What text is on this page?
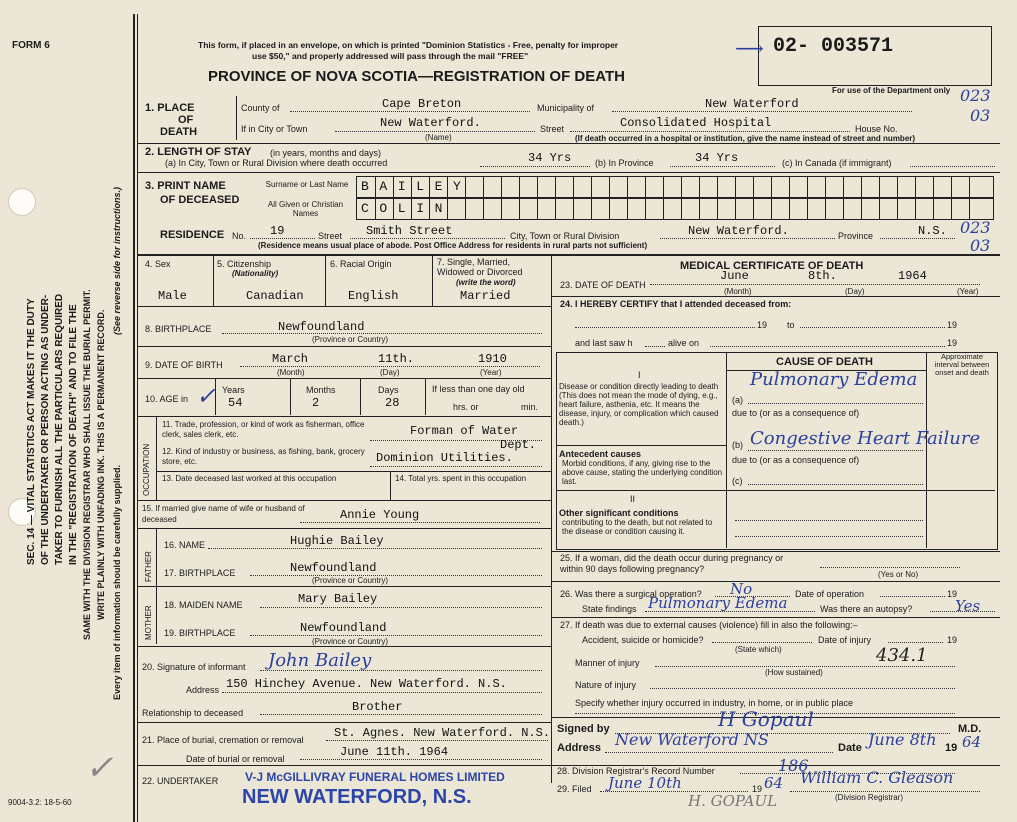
FORM 6
9004-3.2: 18-5-60
SEC. 14 — VITAL STATISTICS ACT MAKES IT THE DUTY OF THE UNDERTAKER OR PERSON ACTING AS UNDER- TAKER TO FURNISH ALL THE PARTICULARS REQUIRED IN THE "REGISTRATION OF DEATH" AND TO FILE THE SAME WITH THE DIVISION REGISTRAR WHO SHALL ISSUE THE BURIAL PERMIT. WRITE PLAINLY WITH UNFADING INK. THIS IS A PERMANENT RECORD. Every item of information should be carefully supplied.
(See reverse side for instructions.)
This form, if placed in an envelope, on which is printed "Dominion Statistics - Free, penalty for improper
use $50," and properly addressed will pass through the mail "FREE"
PROVINCE OF NOVA SCOTIA—REGISTRATION OF DEATH
02- 003571
⟶
For use of the Department only 023
03
023
03
1. PLACE
OF
DEATH
County of	Cape Breton	Municipality of	New Waterford
If in City or Town	New Waterford.
(Name)
Street	Consolidated Hospital	House No.
(If death occurred in a hospital or institution, give the name instead of street and number)
2. LENGTH OF STAY (in years, months and days)
(a) In City, Town or Rural Division where death occurred	34 Yrs	(b) In Province	34 Yrs	(c) In Canada (if immigrant)
3. PRINT NAME
OF DECEASED
Surname or Last Name
All Given or Christian Names
B A I L E Y
C O L I N
RESIDENCE No. 19	Street Smith Street	City, Town or Rural Division	New Waterford.	Province	N.S.
(Residence means usual place of abode. Post Office Address for residents in rural parts not sufficient)
4. Sex
Male
5. Citizenship
(Nationality)
Canadian
6. Racial Origin
English
7. Single, Married, Widowed or Divorced
(write the word)
Married
8. BIRTHPLACE	Newfoundland
(Province or Country)
9. DATE OF BIRTH	March	11th.	1910
(Month)	(Day)	(Year)
10. AGE in
Years	Months	Days
✓ 54	2	28
If less than one day old
hrs. or	min.
OCCUPATION
11. Trade, profession, or kind of work as fisherman, office clerk, sales clerk, etc.	Forman of Water
Dept.
12. Kind of industry or business, as fishing, bank, grocery store, etc.	Dominion Utilities.
13. Date deceased last worked at this occupation	14. Total yrs. spent in this occupation
15. If married give name of wife or husband of deceased	Annie Young
FATHER
16. NAME	Hughie Bailey
17. BIRTHPLACE	Newfoundland
(Province or Country)
MOTHER
18. MAIDEN NAME	Mary Bailey
19. BIRTHPLACE	Newfoundland
(Province or Country)
20. Signature of informant John Bailey
Address 150 Hinchey Avenue. New Waterford. N.S.
Relationship to deceased	Brother
21. Place of burial, cremation or removal	St. Agnes. New Waterford. N.S.
Date of burial or removal	June 11th. 1964
22. UNDERTAKER V-J McGILLIVRAY FUNERAL HOMES LIMITED
NEW WATERFORD, N.S.
✓
MEDICAL CERTIFICATE OF DEATH
23. DATE OF DEATH
June	8th.	1964
(Month)	(Day)	(Year)
24. I HEREBY CERTIFY that I attended deceased from:
19 to	19
and last saw h	alive on	19
CAUSE OF DEATH	Approximate interval between onset and death
I
Disease or condition directly leading to death (This does not mean the mode of dying, e.g., heart failure, asthenia, etc. It means the disease, injury, or complication which caused death.)
(a)
Pulmonary Edema
due to (or as a consequence of)
(b) Congestive Heart Failure
due to (or as a consequence of)
Antecedent causes
Morbid conditions, if any, giving rise to the above cause, stating the underlying condition last.	(c)
II
Other significant conditions
contributing to the death, but not related to the disease or condition causing it.
25. If a woman, did the death occur during pregnancy or within 90 days following pregnancy?
(Yes or No)
26. Was there a surgical operation? No	Date of operation	19
State findings Pulmonary Edema	Was there an autopsy?	Yes
27. If death was due to external causes (violence) fill in also the following:–
Accident, suicide or homicide?	Date of injury	19
(State which)	434.1
Manner of injury
(How sustained)
Nature of injury
Specify whether injury occurred in industry, in home, or in public place
Signed by	H Gopaul	M.D.
Address New Waterford NS	Date June 8th 19 64
28. Division Registrar's Record Number	186
29. Filed June 10th	19 64 William C. Gleason
(Division Registrar)
H. GOPAUL
